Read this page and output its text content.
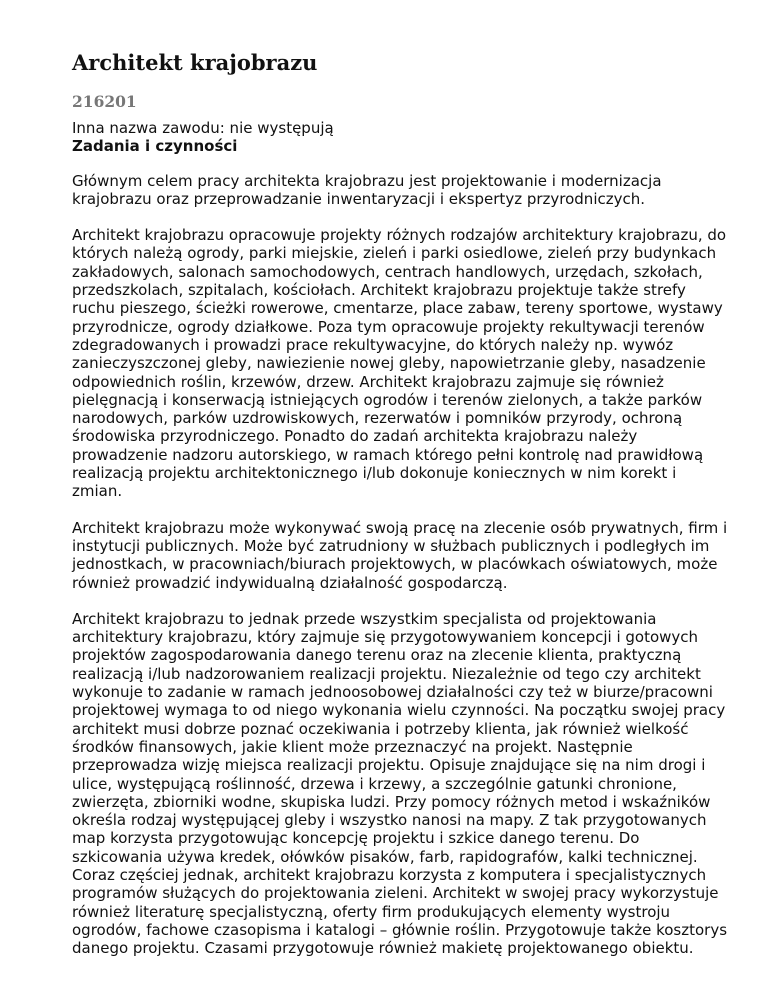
Architekt krajobrazu
216201

Inna nazwa zawodu: nie występują

Zadania i czynności

Głównym celem pracy architekta krajobrazu jest projektowanie i modernizacja
krajobrazu oraz przeprowadzanie inwentaryzacji i ekspertyz przyrodniczych.
Architekt krajobrazu opracowuje projekty różnych rodzajów architektury krajobrazu, do
których należą ogrody, parki miejskie, zieleń i parki osiedlowe, zieleń przy budynkach
zakładowych, salonach samochodowych, centrach handlowych, urzędach, szkołach,
przedszkolach, szpitalach, kościołach. Architekt krajobrazu projektuje także strefy
ruchu pieszego, ścieżki rowerowe, cmentarze, place zabaw, tereny sportowe, wystawy
przyrodnicze, ogrody działkowe. Poza tym opracowuje projekty rekultywacji terenów
zdegradowanych i prowadzi prace rekultywacyjne, do których należy np. wywóz
zanieczyszczonej gleby, nawiezienie nowej gleby, napowietrzanie gleby, nasadzenie
odpowiednich roślin, krzewów, drzew. Architekt krajobrazu zajmuje się również
pielęgnacją i konserwacją istniejących ogrodów i terenów zielonych, a także parków
narodowych, parków uzdrowiskowych, rezerwatów i pomników przyrody, ochroną
środowiska przyrodniczego. Ponadto do zadań architekta krajobrazu należy
prowadzenie nadzoru autorskiego, w ramach którego pełni kontrolę nad prawidłową
realizacją projektu architektonicznego i/lub dokonuje koniecznych w nim korekt i
zmian.
Architekt krajobrazu może wykonywać swoją pracę na zlecenie osób prywatnych, firm i
instytucji publicznych. Może być zatrudniony w służbach publicznych i podległych im
jednostkach, w pracowniach/biurach projektowych, w placówkach oświatowych, może
również prowadzić indywidualną działalność gospodarczą.
Architekt krajobrazu to jednak przede wszystkim specjalista od projektowania
architektury krajobrazu, który zajmuje się przygotowywaniem koncepcji i gotowych
projektów zagospodarowania danego terenu oraz na zlecenie klienta, praktyczną
realizacją i/lub nadzorowaniem realizacji projektu. Niezależnie od tego czy architekt
wykonuje to zadanie w ramach jednoosobowej działalności czy też w biurze/pracowni
projektowej wymaga to od niego wykonania wielu czynności. Na początku swojej pracy
architekt musi dobrze poznać oczekiwania i potrzeby klienta, jak również wielkość
środków finansowych, jakie klient może przeznaczyć na projekt. Następnie
przeprowadza wizję miejsca realizacji projektu. Opisuje znajdujące się na nim drogi i
ulice, występującą roślinność, drzewa i krzewy, a szczególnie gatunki chronione,
zwierzęta, zbiorniki wodne, skupiska ludzi. Przy pomocy różnych metod i wskaźników
określa rodzaj występującej gleby i wszystko nanosi na mapy. Z tak przygotowanych
map korzysta przygotowując koncepcję projektu i szkice danego terenu. Do
szkicowania używa kredek, ołówków pisaków, farb, rapidografów, kalki technicznej.
Coraz częściej jednak, architekt krajobrazu korzysta z komputera i specjalistycznych
programów służących do projektowania zieleni. Architekt w swojej pracy wykorzystuje
również literaturę specjalistyczną, oferty firm produkujących elementy wystroju
ogrodów, fachowe czasopisma i katalogi – głównie roślin. Przygotowuje także kosztorys
danego projektu. Czasami przygotowuje również makietę projektowanego obiektu.
